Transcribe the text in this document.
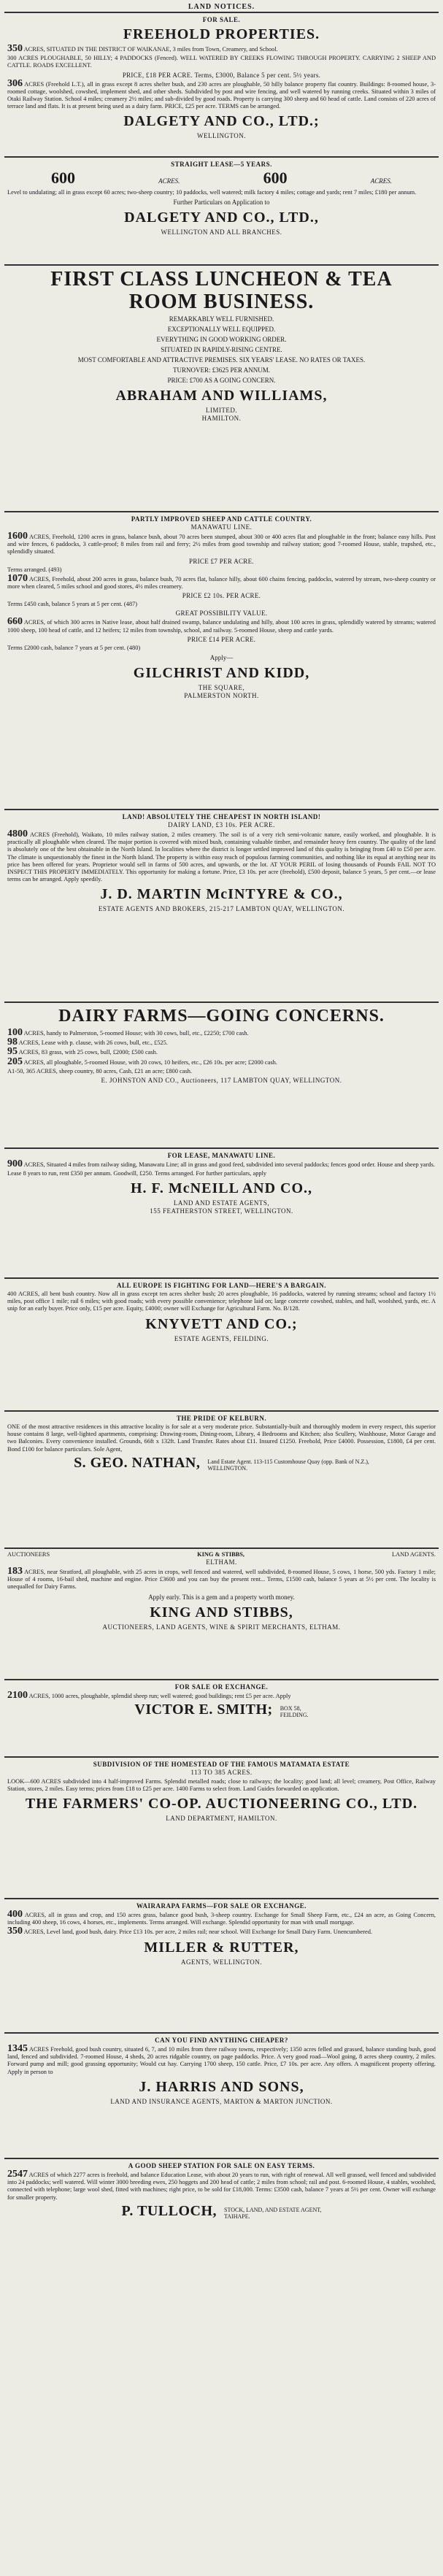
LAND NOTICES.
FOR SALE.
FREEHOLD PROPERTIES.
350 ACRES, SITUATED IN THE DISTRICT OF WAIKANAE, 3 miles from Town, Creamery, and School.
300 ACRES PLOUGHABLE, 50 HILLY; 4 PADDOCKS (Fenced). WELL WATERED BY CREEKS FLOWING THROUGH PROPERTY. CARRYING 2 SHEEP AND CATTLE. ROADS EXCELLENT.
PRICE, £18 PER ACRE. Terms, £3000, Balance 5 per cent. 5½ years.
306 ACRES (Freehold L.T.), all in grass except 8 acres shelter bush, and 230 acres are ploughable, 50 hilly balance property flat country. Buildings: 8-roomed house, 3-roomed cottage, woolshed, cowshed, implement shed, and other sheds. Subdivided by post and wire fencing, and well watered by running creeks. Situated within 3 miles of Otaki Railway Station. School 4 miles; creamery 2½ miles; and sub-divided by good roads. Property is carrying 300 sheep and 60 head of cattle. Land consists of 220 acres of terrace land and flats. It is at present being used as a dairy farm. PRICE, £25 per acre. TERMS can be arranged.
DALGETY AND CO., LTD.;
WELLINGTON.
STRAIGHT LEASE—5 YEARS.
600	ACRES.	600	ACRES.
Level to undulating; all in grass except 60 acres; two-sheep country; 10 paddocks, well watered; milk factory 4 miles; cottage and yards; rent 7 miles; £180 per annum.
Further Particulars on Application to
DALGETY AND CO., LTD.,
WELLINGTON AND ALL BRANCHES.
FIRST CLASS LUNCHEON & TEA
ROOM BUSINESS.
REMARKABLY WELL FURNISHED.
EXCEPTIONALLY WELL EQUIPPED.
EVERYTHING IN GOOD WORKING ORDER.
SITUATED IN RAPIDLY-RISING CENTRE.
MOST COMFORTABLE AND ATTRACTIVE PREMISES. SIX YEARS' LEASE. NO RATES OR TAXES.
TURNOVER: £3625 PER ANNUM.
PRICE: £700 AS A GOING CONCERN.
ABRAHAM AND WILLIAMS,
LIMITED.
HAMILTON.
PARTLY IMPROVED SHEEP AND CATTLE COUNTRY.
MANAWATU LINE.
1600 ACRES, Freehold, 1200 acres in grass, balance bush, about 70 acres been stumped, about 300 or 400 acres flat and ploughable in the front; balance easy hills. Post and wire fences, 6 paddocks, 3 cattle-proof; 8 miles from rail and ferry; 2½ miles from good township and railway station; good 7-roomed House, stable, trapshed, etc., splendidly situated.
PRICE £7 PER ACRE.
Terms arranged. (493)
1070 ACRES, Freehold, about 200 acres in grass, balance bush, 70 acres flat, balance hilly, about 600 chains fencing, paddocks, watered by stream, two-sheep country or more when cleared, 5 miles school and good stores, 4½ miles creamery.
PRICE £2 10s. PER ACRE.
Terms £450 cash, balance 5 years at 5 per cent. (487)
GREAT POSSIBILITY VALUE.
660 ACRES, of which 300 acres in Native lease, about half drained swamp, balance undulating and hilly, about 100 acres in grass, splendidly watered by streams; watered 1000 sheep, 100 head of cattle, and 12 heifers; 12 miles from township, school, and railway. 5-roomed House, sheep and cattle yards.
PRICE £14 PER ACRE.
Terms £2000 cash, balance 7 years at 5 per cent. (480)
Apply—
GILCHRIST AND KIDD,
THE SQUARE,
PALMERSTON NORTH.
LAND! ABSOLUTELY THE CHEAPEST IN NORTH ISLAND!
DAIRY LAND, £3 10s. PER ACRE.
4800 ACRES (Freehold), Waikato, 10 miles railway station, 2 miles creamery. The soil is of a very rich semi-volcanic nature, easily worked, and ploughable. It is practically all ploughable when cleared. The major portion is covered with mixed bush, containing valuable timber, and remainder heavy fern country. The quality of the land is absolutely one of the best obtainable in the North Island. In localities where the district is longer settled improved land of this quality is bringing from £40 to £50 per acre. The climate is unquestionably the finest in the North Island. The property is within easy reach of populous farming communities, and nothing like its equal at anything near its price has been offered for years. Proprietor would sell in farms of 500 acres, and upwards, or the lot. AT YOUR PERIL of losing thousands of Pounds FAIL NOT TO INSPECT THIS PROPERTY IMMEDIATELY. This opportunity for making a fortune. Price, £3 10s. per acre (freehold), £500 deposit, balance 5 years, 5 per cent.—or lease terms can be arranged. Apply speedily.
J. D. MARTIN McINTYRE & CO.,
ESTATE AGENTS AND BROKERS, 215-217 LAMBTON QUAY, WELLINGTON.
DAIRY FARMS—GOING CONCERNS.
100 ACRES, handy to Palmerston, 5-roomed House; with 30 cows, bull, etc., £2250; £700 cash.
98 ACRES, Lease with p. clause, with 26 cows, bull, etc., £525.
95 ACRES, 83 grass, with 25 cows, bull, £2000; £500 cash.
205 ACRES, all ploughable, 5-roomed House, with 20 cows, 10 heifers, etc., £26 10s. per acre; £2000 cash.
A1-50, 365 ACRES, sheep country, 80 acres, Cash, £21 an acre; £800 cash.
E. JOHNSTON AND CO., Auctioneers, 117 LAMBTON QUAY, WELLINGTON.
FOR LEASE, MANAWATU LINE.
900 ACRES, Situated 4 miles from railway siding, Manawatu Line; all in grass and good feed, subdivided into several paddocks; fences good order. House and sheep yards.
Lease 8 years to run, rent £350 per annum. Goodwill, £250. Terms arranged. For further particulars, apply
H. F. McNEILL AND CO.,
LAND AND ESTATE AGENTS,
155 FEATHERSTON STREET, WELLINGTON.
ALL EUROPE IS FIGHTING FOR LAND—HERE'S A BARGAIN.
400 ACRES, all bent bush country. Now all in grass except ten acres shelter bush; 20 acres ploughable, 16 paddocks, watered by running streams; school and factory 1½ miles, post office 1 mile; rail 6 miles; with good roads; with every possible convenience; telephone laid on; large concrete cowshed, stables, and hall, woolshed, yards, etc. A snip for an early buyer. Price only, £15 per acre. Equity, £4000; owner will Exchange for Agricultural Farm. No. B/128.
KNYVETT AND CO.;
ESTATE AGENTS, FEILDING.
THE PRIDE OF KELBURN.
ONE of the most attractive residences in this attractive locality is for sale at a very moderate price. Substantially-built and thoroughly modern in every respect, this superior house contains 8 large, well-lighted apartments, comprising: Drawing-room, Dining-room, Library, 4 Bedrooms and Kitchen; also Scullery, Washhouse, Motor Garage and two Balconies. Every convenience installed. Grounds, 66ft x 132ft. Land Transfer. Rates about £11. Insured £1250. Freehold, Price £4000. Possession, £1800, £4 per cent. Bond £100 for balance particulars. Sole Agent,
S. GEO. NATHAN, Land Estate Agent. 113-115 Customhouse Quay (opp. Bank of N.Z.),
WELLINGTON.
AUCTIONEERS	KING & STIBBS,	LAND AGENTS.
ELTHAM.
183 ACRES, near Stratford, all ploughable, with 25 acres in crops, well fenced and watered, well subdivided, 8-roomed House, 5 cows, 1 horse, 500 yds. Factory 1 mile; House of 4 rooms, 16-bail shed, machine and engine. Price £3600 and you can buy the present rent... Terms, £1500 cash, balance 5 years at 5½ per cent. The locality is unequalled for Dairy Farms.
Apply early. This is a gem and a property worth money.
KING AND STIBBS,
AUCTIONEERS, LAND AGENTS, WINE & SPIRIT MERCHANTS, ELTHAM.
FOR SALE OR EXCHANGE.
2100 ACRES, 1000 acres, ploughable, splendid sheep run; well watered; good buildings; rent £5 per acre. Apply
VICTOR E. SMITH; BOX 58,
FEILDING.
SUBDIVISION OF THE HOMESTEAD OF THE FAMOUS MATAMATA ESTATE
113 TO 385 ACRES.
LOOK—600 ACRES subdivided into 4 half-improved Farms. Splendid metalled roads; close to railways; the locality; good land; all level; creamery, Post Office, Railway Station, stores, 2 miles. Easy terms; prices from £18 to £25 per acre. 1400 Farms to select from. Land Guides forwarded on application.
THE FARMERS' CO-OP. AUCTIONEERING CO., LTD.
LAND DEPARTMENT, HAMILTON.
WAIRARAPA FARMS—FOR SALE OR EXCHANGE.
400 ACRES, all in grass and crop, and 150 acres grass, balance good bush, 3-sheep country. Exchange for Small Sheep Farm, etc., £24 an acre, as Going Concern, including 400 sheep, 16 cows, 4 horses, etc., implements. Terms arranged. Will exchange. Splendid opportunity for man with small mortgage.
350 ACRES, Level land, good bush, dairy. Price £13 10s. per acre, 2 miles rail; near school. Will Exchange for Small Dairy Farm. Unencumbered.
MILLER & RUTTER,
AGENTS, WELLINGTON.
CAN YOU FIND ANYTHING CHEAPER?
1345 ACRES Freehold, good bush country, situated 6, 7, and 10 miles from three railway towns, respectively; 1350 acres felled and grassed, balance standing bush, good land, fenced and subdivided. 7-roomed House, 4 sheds, 20 acres ridgable country, on page paddocks. Price. A very good road—Wool going, 8 acres sheep country, 2 miles. Forward pump and mill; good grassing opportunity; Would cut hay. Carrying 1700 sheep, 150 cattle. Price, £7 10s. per acre. Any offers. A magnificent property offering. Apply in person to
J. HARRIS AND SONS,
LAND AND INSURANCE AGENTS, MARTON & MARTON JUNCTION.
A GOOD SHEEP STATION FOR SALE ON EASY TERMS.
2547 ACRES of which 2277 acres is freehold, and balance Education Lease, with about 20 years to run, with right of renewal. All well grassed, well fenced and subdivided into 24 paddocks; well watered. Will winter 3000 breeding ewes, 250 hoggets and 200 head of cattle; 2 miles from school; rail and post. 6-roomed House, 4 stables, woolshed, connected with telephone; large wool shed, fitted with machines; right price, to be sold for £18,000. Terms: £3500 cash, balance 7 years at 5½ per cent. Owner will exchange for smaller property.
P. TULLOCH, STOCK, LAND, AND ESTATE AGENT,
TAIHAPE.
